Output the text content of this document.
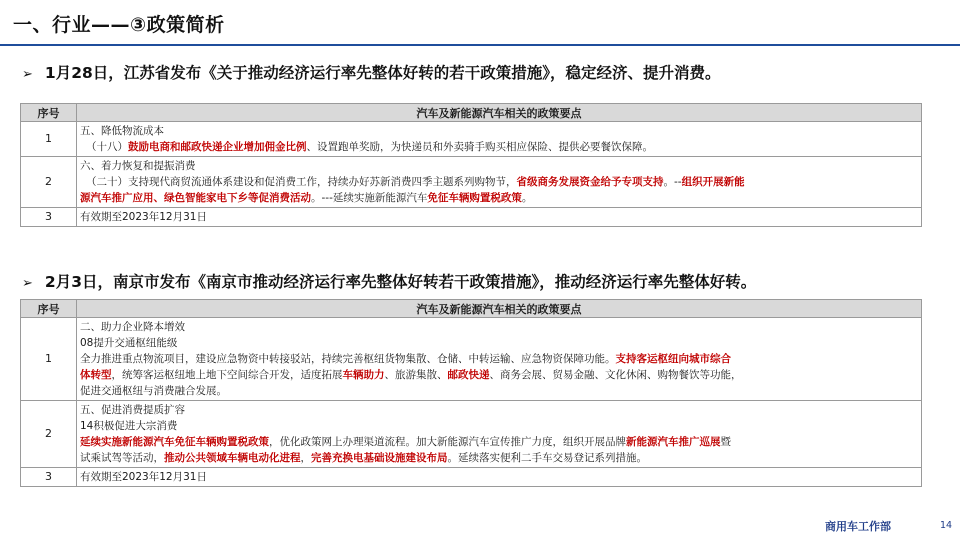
一、行业——③政策简析
➢ 1月28日，江苏省发布《关于推动经济运行率先整体好转的若干政策措施》，稳定经济、提升消费。
序号	汽车及新能源汽车相关的政策要点
1	五、降低物流成本
（十八）鼓励电商和邮政快递企业增加佣金比例、设置跑单奖励，为快递员和外卖骑手购买相应保险、提供必要餐饮保障。

2	六、着力恢复和提振消费
（二十）支持现代商贸流通体系建设和促消费工作，持续办好苏新消费四季主题系列购物节，省级商务发展资金给予专项支持。--组织开展新能
源汽车推广应用、绿色智能家电下乡等促消费活动。---延续实施新能源汽车免征车辆购置税政策。

3	有效期至2023年12月31日
➢ 2月3日，南京市发布《南京市推动经济运行率先整体好转若干政策措施》，推动经济运行率先整体好转。
序号	汽车及新能源汽车相关的政策要点
1	二、助力企业降本增效
08提升交通枢纽能级
全力推进重点物流项目，建设应急物资中转接驳站，持续完善枢纽货物集散、仓储、中转运输、应急物资保障功能。支持客运枢纽向城市综合
体转型，统筹客运枢纽地上地下空间综合开发，适度拓展车辆助力、旅游集散、邮政快递、商务会展、贸易金融、文化休闲、购物餐饮等功能，
促进交通枢纽与消费融合发展。

2	五、促进消费提质扩容
14积极促进大宗消费
延续实施新能源汽车免征车辆购置税政策，优化政策网上办理渠道流程。加大新能源汽车宣传推广力度，组织开展品牌新能源汽车推广巡展暨
试乘试驾等活动，推动公共领域车辆电动化进程，完善充换电基础设施建设布局。延续落实便利二手车交易登记系列措施。

3	有效期至2023年12月31日
商用车工作部	14
